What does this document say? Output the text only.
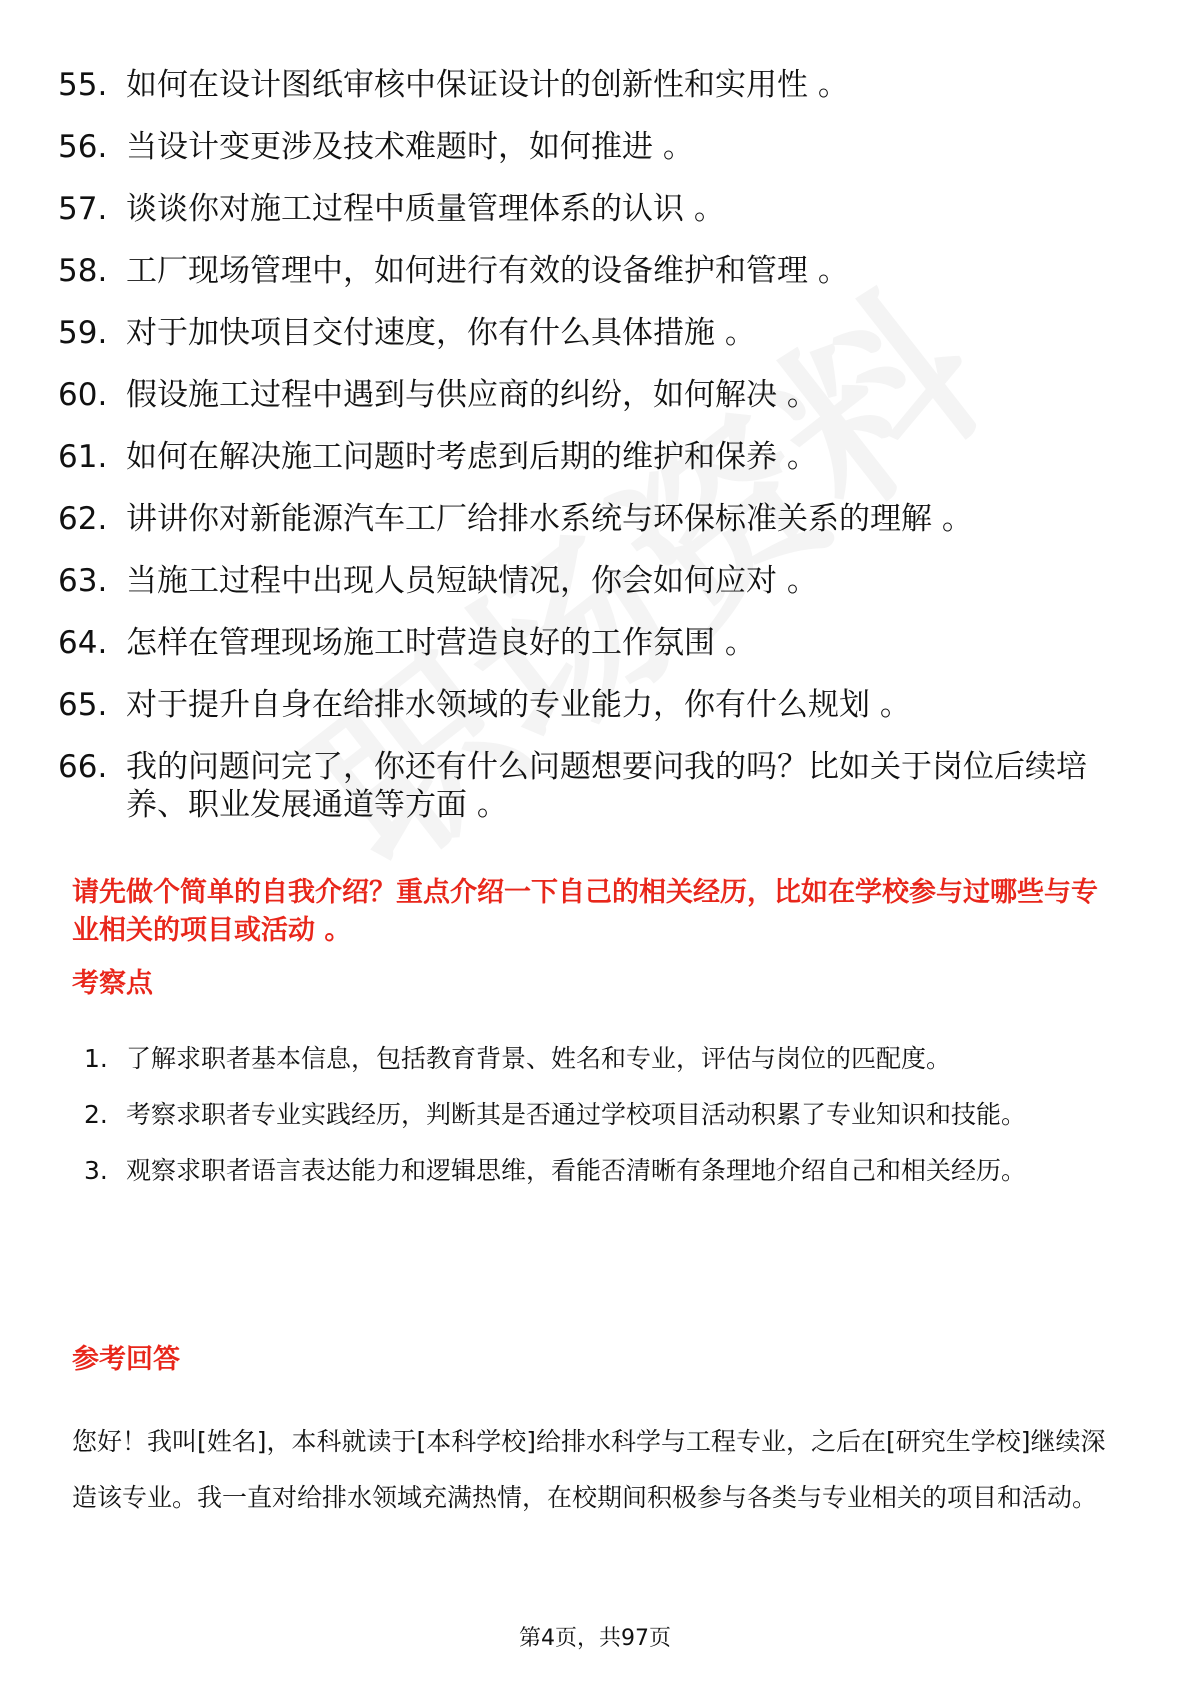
55. 如何在设计图纸审核中保证设计的创新性和实用性 。
56. 当设计变更涉及技术难题时，如何推进 。
57. 谈谈你对施工过程中质量管理体系的认识 。
58. 工厂现场管理中，如何进行有效的设备维护和管理 。
59. 对于加快项目交付速度，你有什么具体措施 。
60. 假设施工过程中遇到与供应商的纠纷，如何解决 。
61. 如何在解决施工问题时考虑到后期的维护和保养 。
62. 讲讲你对新能源汽车工厂给排水系统与环保标准关系的理解 。
63. 当施工过程中出现人员短缺情况，你会如何应对 。
64. 怎样在管理现场施工时营造良好的工作氛围 。
65. 对于提升自身在给排水领域的专业能力，你有什么规划 。
66. 我的问题问完了，你还有什么问题想要问我的吗？比如关于岗位后续培养、职业发展通道等方面 。
请先做个简单的自我介绍？重点介绍一下自己的相关经历，比如在学校参与过哪些与专业相关的项目或活动 。
考察点
1. 了解求职者基本信息，包括教育背景、姓名和专业，评估与岗位的匹配度。
2. 考察求职者专业实践经历，判断其是否通过学校项目活动积累了专业知识和技能。
3. 观察求职者语言表达能力和逻辑思维，看能否清晰有条理地介绍自己和相关经历。
参考回答
您好！我叫[姓名]，本科就读于[本科学校]给排水科学与工程专业，之后在[研究生学校]继续深造该专业。我一直对给排水领域充满热情，在校期间积极参与各类与专业相关的项目和活动。
第4页，共97页
